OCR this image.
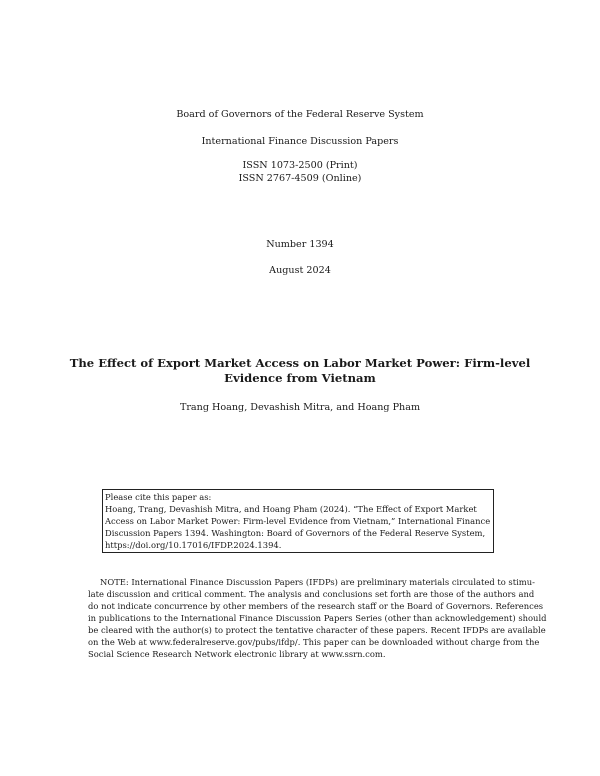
Board of Governors of the Federal Reserve System
International Finance Discussion Papers
ISSN 1073-2500 (Print)
ISSN 2767-4509 (Online)
Number 1394
August 2024
The Effect of Export Market Access on Labor Market Power: Firm-level
Evidence from Vietnam
Trang Hoang, Devashish Mitra, and Hoang Pham
Please cite this paper as:
Hoang, Trang, Devashish Mitra, and Hoang Pham (2024). “The Effect of Export Market
Access on Labor Market Power: Firm-level Evidence from Vietnam,” International Finance
Discussion Papers 1394. Washington: Board of Governors of the Federal Reserve System,
https://doi.org/10.17016/IFDP.2024.1394.
NOTE: International Finance Discussion Papers (IFDPs) are preliminary materials circulated to stimu-
late discussion and critical comment. The analysis and conclusions set forth are those of the authors and
do not indicate concurrence by other members of the research staff or the Board of Governors. References
in publications to the International Finance Discussion Papers Series (other than acknowledgement) should
be cleared with the author(s) to protect the tentative character of these papers. Recent IFDPs are available
on the Web at www.federalreserve.gov/pubs/ifdp/. This paper can be downloaded without charge from the
Social Science Research Network electronic library at www.ssrn.com.
